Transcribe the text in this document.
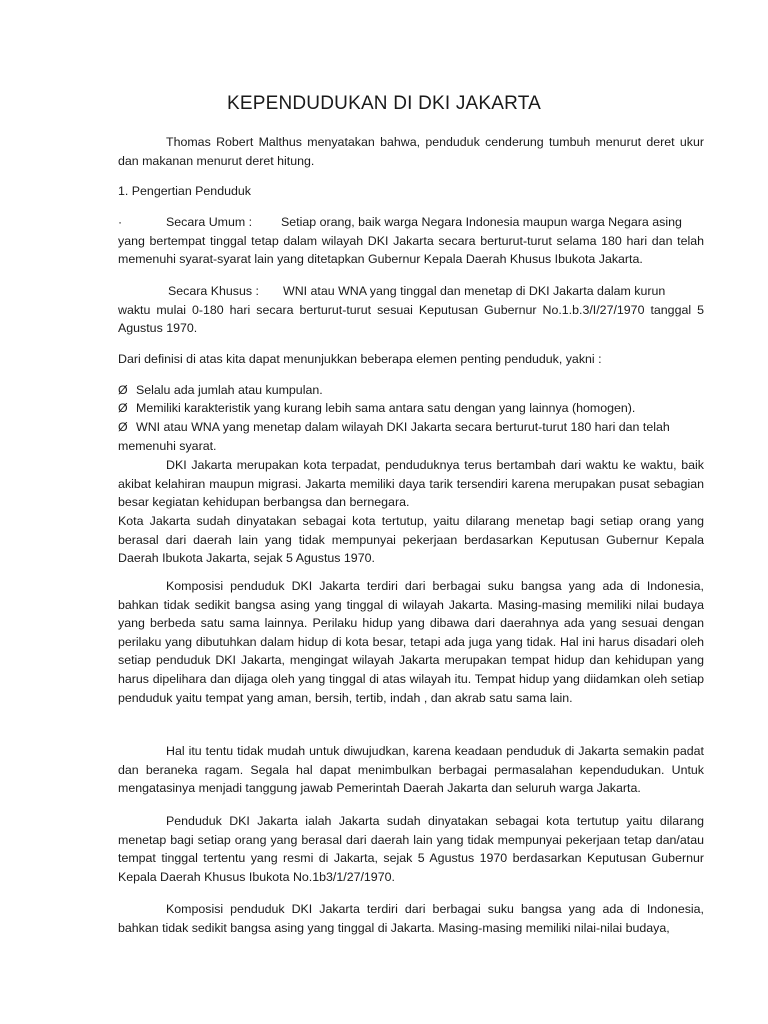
KEPENDUDUKAN DI DKI JAKARTA

Thomas Robert Malthus menyatakan bahwa, penduduk cenderung tumbuh menurut deret ukur dan makanan menurut deret hitung.

1. Pengertian Penduduk

·	Secara Umum : Setiap orang, baik warga Negara Indonesia maupun warga Negara asing
yang bertempat tinggal tetap dalam wilayah DKI Jakarta secara berturut-turut selama 180 hari dan telah memenuhi syarat-syarat lain yang ditetapkan Gubernur Kepala Daerah Khusus Ibukota Jakarta.
Secara Khusus : WNI atau WNA yang tinggal dan menetap di DKI Jakarta dalam kurun
waktu mulai 0-180 hari secara berturut-turut sesuai Keputusan Gubernur No.1.b.3/I/27/1970 tanggal 5 Agustus 1970.

Dari definisi di atas kita dapat menunjukkan beberapa elemen penting penduduk, yakni :

Ø Selalu ada jumlah atau kumpulan.
Ø Memiliki karakteristik yang kurang lebih sama antara satu dengan yang lainnya (homogen).
Ø WNI atau WNA yang menetap dalam wilayah DKI Jakarta secara berturut-turut 180 hari dan telah
memenuhi syarat.

DKI Jakarta merupakan kota terpadat, penduduknya terus bertambah dari waktu ke waktu, baik akibat kelahiran maupun migrasi. Jakarta memiliki daya tarik tersendiri karena merupakan pusat sebagian besar kegiatan kehidupan berbangsa dan bernegara.

Kota Jakarta sudah dinyatakan sebagai kota tertutup, yaitu dilarang menetap bagi setiap orang yang berasal dari daerah lain yang tidak mempunyai pekerjaan berdasarkan Keputusan Gubernur Kepala Daerah Ibukota Jakarta, sejak 5 Agustus 1970.

Komposisi penduduk DKI Jakarta terdiri dari berbagai suku bangsa yang ada di Indonesia, bahkan tidak sedikit bangsa asing yang tinggal di wilayah Jakarta. Masing-masing memiliki nilai budaya yang berbeda satu sama lainnya. Perilaku hidup yang dibawa dari daerahnya ada yang sesuai dengan perilaku yang dibutuhkan dalam hidup di kota besar, tetapi ada juga yang tidak. Hal ini harus disadari oleh setiap penduduk DKI Jakarta, mengingat wilayah Jakarta merupakan tempat hidup dan kehidupan yang harus dipelihara dan dijaga oleh yang tinggal di atas wilayah itu. Tempat hidup yang diidamkan oleh setiap penduduk yaitu tempat yang aman, bersih, tertib, indah , dan akrab satu sama lain.

Hal itu tentu tidak mudah untuk diwujudkan, karena keadaan penduduk di Jakarta semakin padat dan beraneka ragam. Segala hal dapat menimbulkan berbagai permasalahan kependudukan. Untuk mengatasinya menjadi tanggung jawab Pemerintah Daerah Jakarta dan seluruh warga Jakarta.

Penduduk DKI Jakarta ialah Jakarta sudah dinyatakan sebagai kota tertutup yaitu dilarang menetap bagi setiap orang yang berasal dari daerah lain yang tidak mempunyai pekerjaan tetap dan/atau tempat tinggal tertentu yang resmi di Jakarta, sejak 5 Agustus 1970 berdasarkan Keputusan Gubernur Kepala Daerah Khusus Ibukota No.1b3/1/27/1970.

Komposisi penduduk DKI Jakarta terdiri dari berbagai suku bangsa yang ada di Indonesia, bahkan tidak sedikit bangsa asing yang tinggal di Jakarta. Masing-masing memiliki nilai-nilai budaya,
